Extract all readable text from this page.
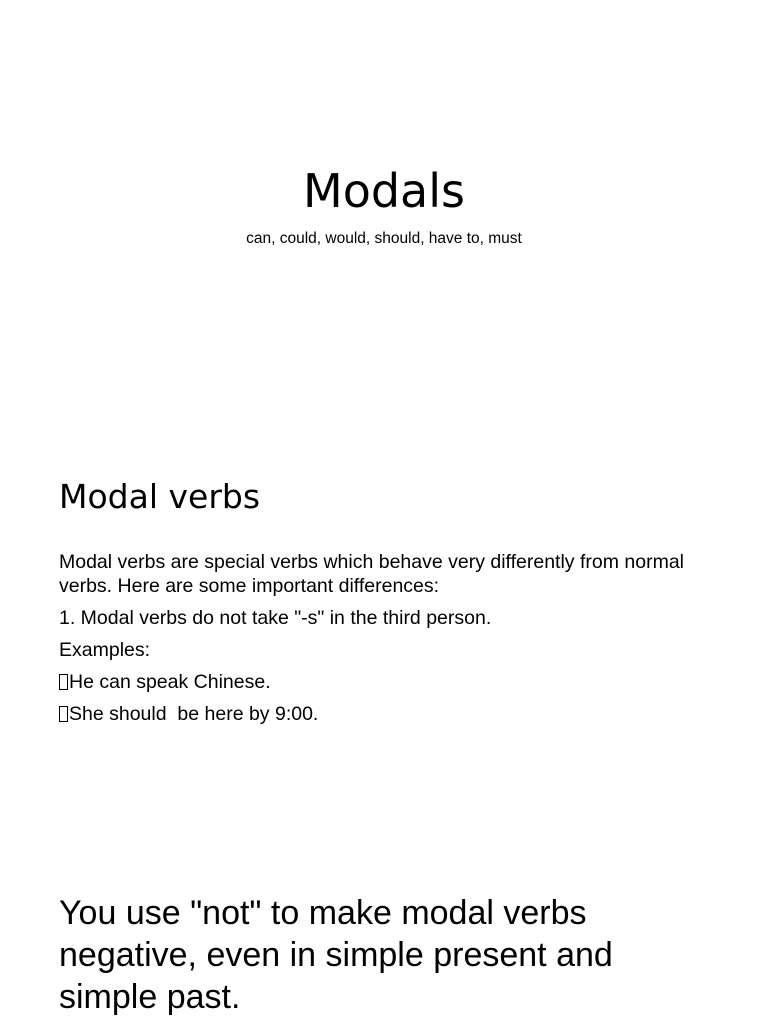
Modals
can, could, would, should, have to, must
Modal verbs

Modal verbs are special verbs which behave very differently from normal verbs. Here are some important differences:

1. Modal verbs do not take "-s" in the third person.

Examples:

He can speak Chinese.

She should  be here by 9:00.

You use "not" to make modal verbs negative, even in simple present and simple past.
